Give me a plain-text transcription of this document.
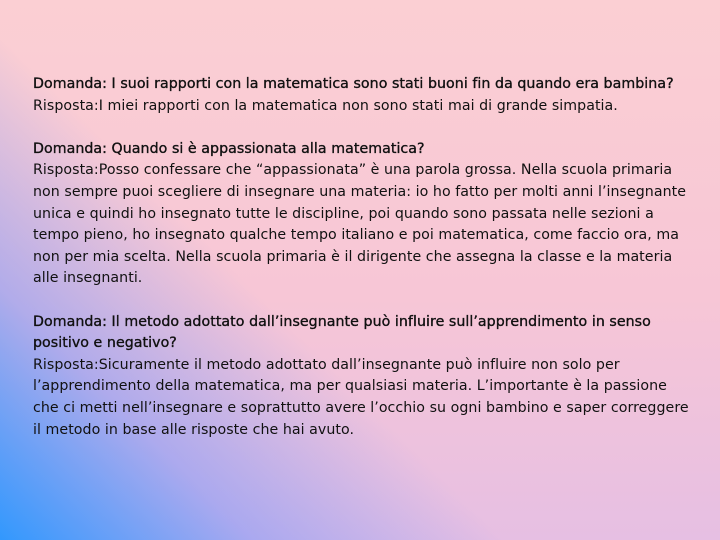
Domanda: I suoi rapporti con la matematica sono stati buoni fin da quando era bambina?
Risposta:I miei rapporti con la matematica non sono stati mai di grande simpatia.
Domanda: Quando si è appassionata alla matematica?
Risposta:Posso confessare che “appassionata” è una parola grossa. Nella scuola primaria non sempre puoi scegliere di insegnare una materia: io ho fatto per molti anni l’insegnante unica e quindi ho insegnato tutte le discipline, poi quando sono passata nelle sezioni a tempo pieno, ho insegnato qualche tempo italiano e poi matematica, come faccio ora, ma non per mia scelta. Nella scuola primaria è il dirigente che assegna la classe e la materia alle insegnanti.
Domanda: Il metodo adottato dall’insegnante può influire sull’apprendimento in senso positivo e negativo?
Risposta:Sicuramente il metodo adottato dall’insegnante può influire non solo per l’apprendimento della matematica, ma per qualsiasi materia. L’importante è la passione che ci metti nell’insegnare e soprattutto avere l’occhio su ogni bambino e saper correggere il metodo in base alle risposte che hai avuto.
